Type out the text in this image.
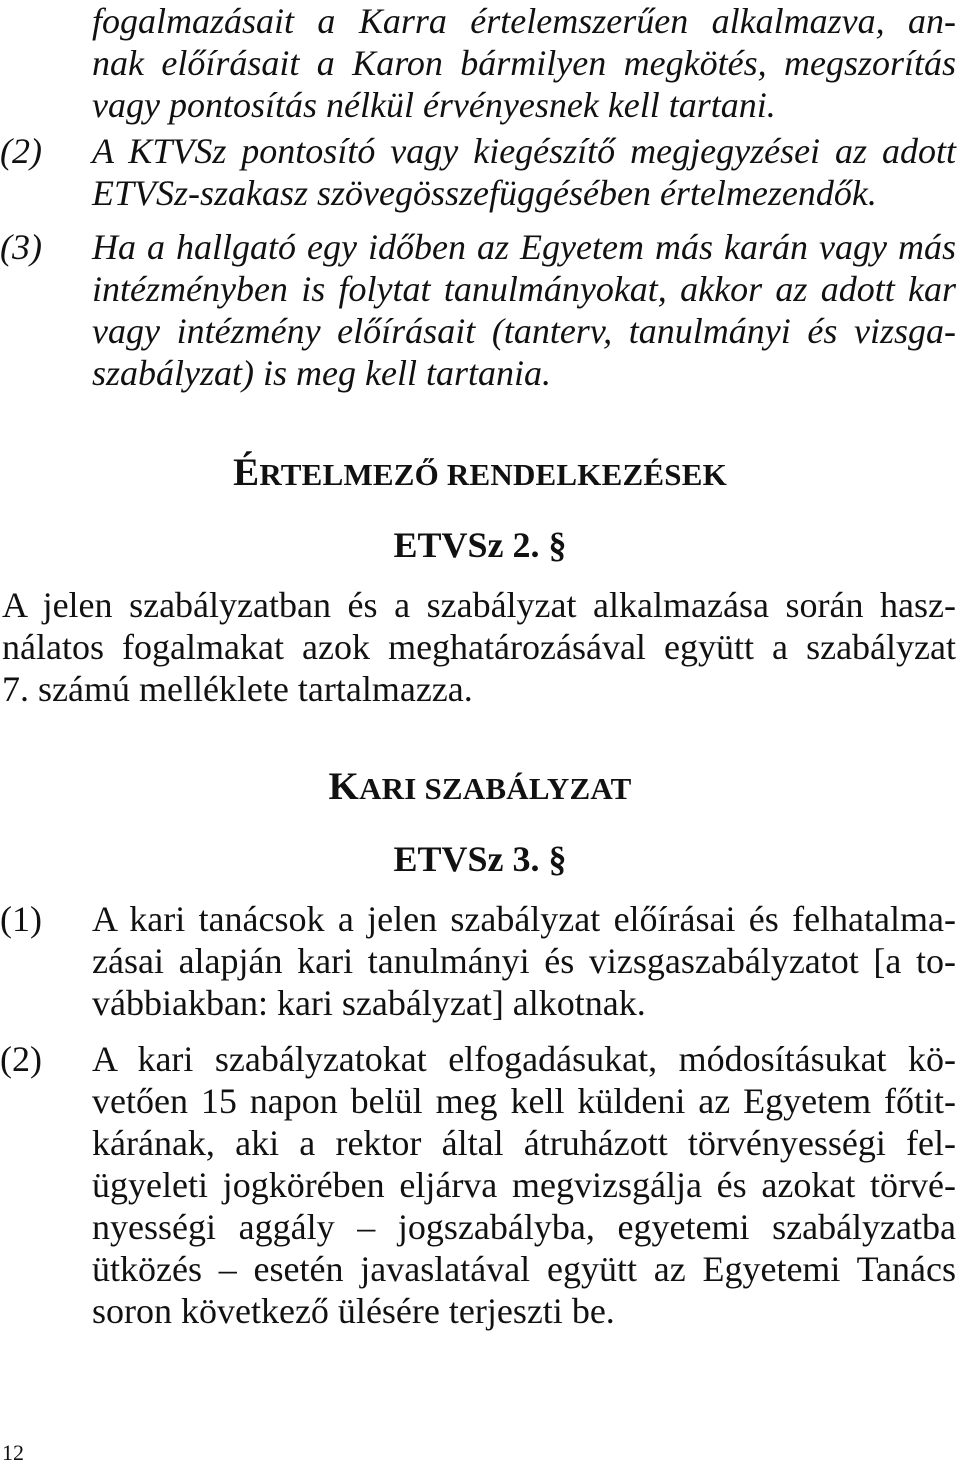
fogalmazásait a Karra értelemszerűen alkalmazva, an-
nak előírásait a Karon bármilyen megkötés, megszorítás
vagy pontosítás nélkül érvényesnek kell tartani.
(2) A KTVSz pontosító vagy kiegészítő megjegyzései az adott
ETVSz-szakasz szövegösszefüggésében értelmezendők.
(3) Ha a hallgató egy időben az Egyetem más karán vagy más
intézményben is folytat tanulmányokat, akkor az adott kar
vagy intézmény előírásait (tanterv, tanulmányi és vizsga-
szabályzat) is meg kell tartania.
ÉRTELMEZŐ RENDELKEZÉSEK
ETVSz 2. §
A jelen szabályzatban és a szabályzat alkalmazása során hasz-
nálatos fogalmakat azok meghatározásával együtt a szabályzat
7. számú melléklete tartalmazza.
KARI SZABÁLYZAT
ETVSz 3. §
(1) A kari tanácsok a jelen szabályzat előírásai és felhatalma-
zásai alapján kari tanulmányi és vizsgaszabályzatot [a to-
vábbiakban: kari szabályzat] alkotnak.
(2) A kari szabályzatokat elfogadásukat, módosításukat kö-
vetően 15 napon belül meg kell küldeni az Egyetem főtit-
kárának, aki a rektor által átruházott törvényességi fel-
ügyeleti jogkörében eljárva megvizsgálja és azokat törvé-
nyességi aggály – jogszabályba, egyetemi szabályzatba
ütközés – esetén javaslatával együtt az Egyetemi Tanács
soron következő ülésére terjeszti be.
12
